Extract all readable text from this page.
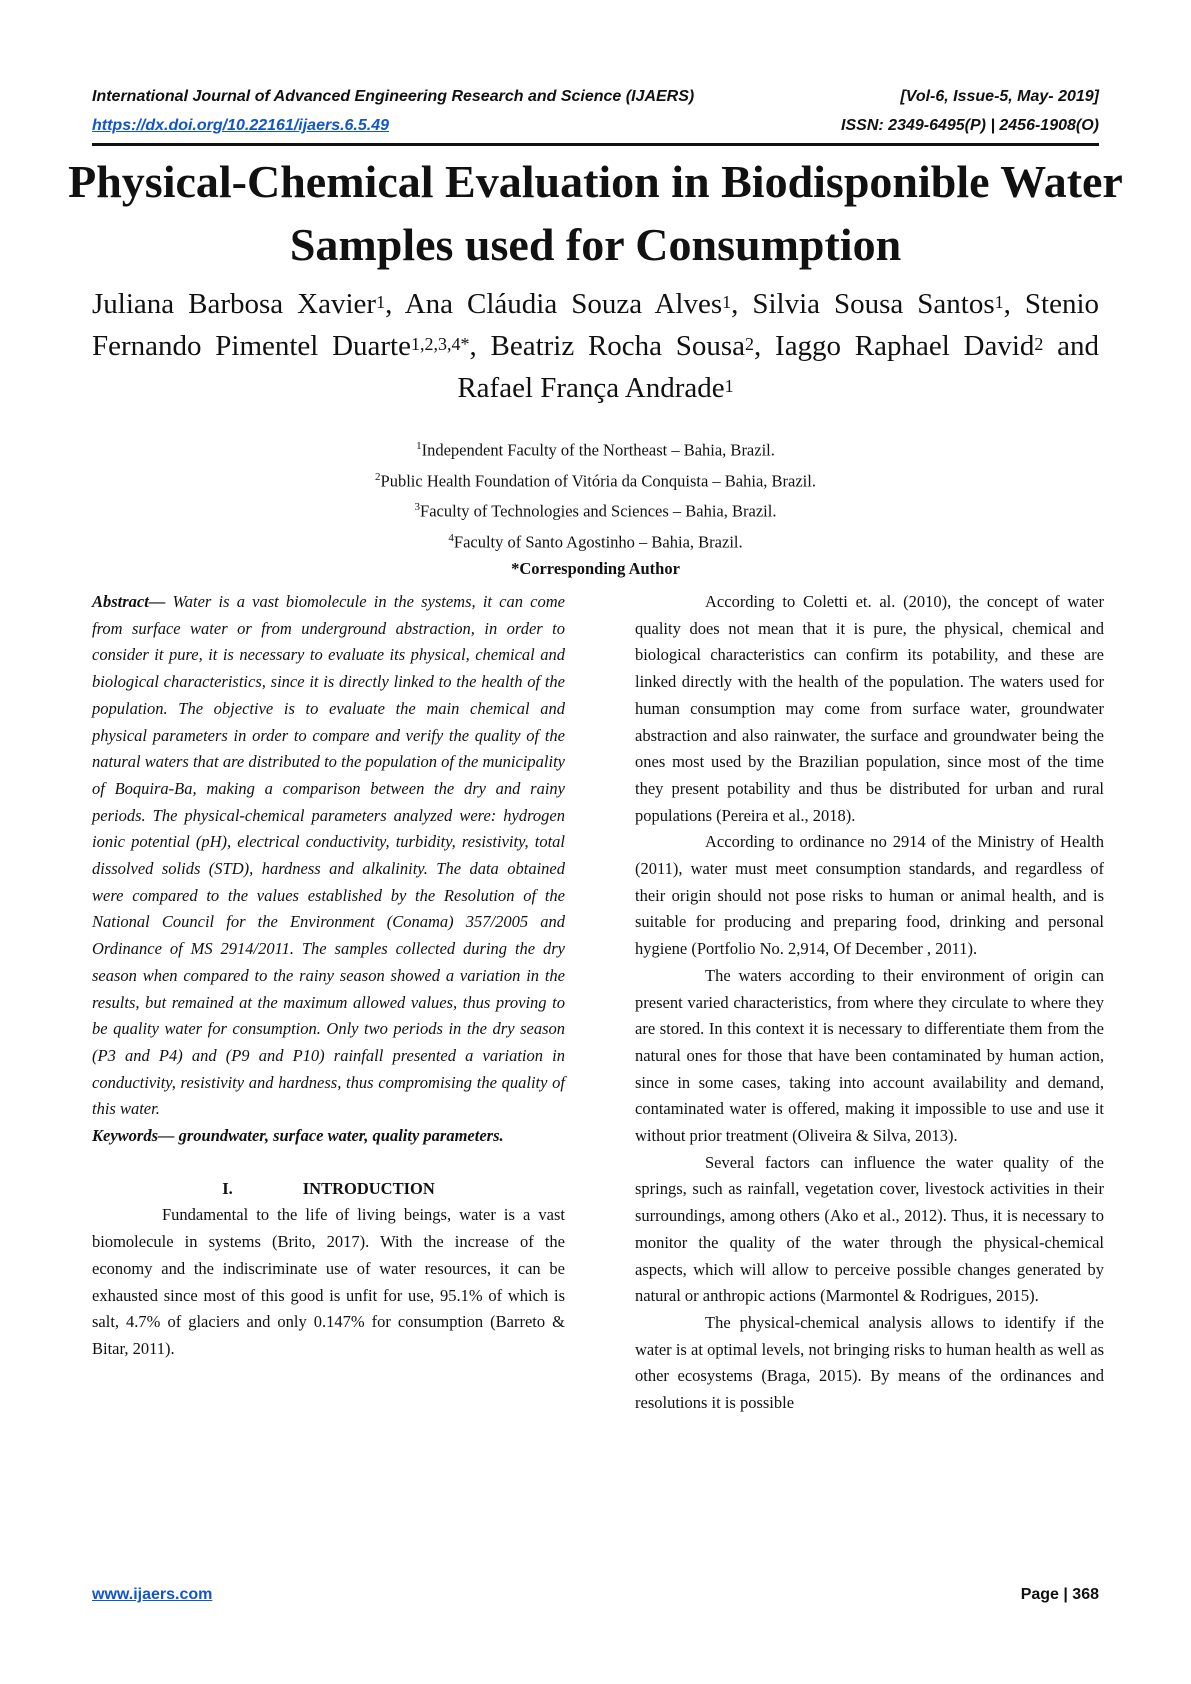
International Journal of Advanced Engineering Research and Science (IJAERS)	[Vol-6, Issue-5, May- 2019]
https://dx.doi.org/10.22161/ijaers.6.5.49	ISSN: 2349-6495(P) | 2456-1908(O)
Physical-Chemical Evaluation in Biodisponible Water Samples used for Consumption
Juliana Barbosa Xavier$^1$, Ana Cláudia Souza Alves$^1$, Silvia Sousa Santos$^1$, Stenio Fernando Pimentel Duarte$^{1,2,3,4*}$, Beatriz Rocha Sousa$^2$, Iaggo Raphael David$^2$ and Rafael França Andrade$^1$
$^1$Independent Faculty of the Northeast – Bahia, Brazil.
$^2$Public Health Foundation of Vitória da Conquista – Bahia, Brazil.
$^3$Faculty of Technologies and Sciences – Bahia, Brazil.
$^4$Faculty of Santo Agostinho – Bahia, Brazil.
*Corresponding Author

Abstract— Water is a vast biomolecule in the systems, it can come from surface water or from underground abstraction, in order to consider it pure, it is necessary to evaluate its physical, chemical and biological characteristics, since it is directly linked to the health of the population. The objective is to evaluate the main chemical and physical parameters in order to compare and verify the quality of the natural waters that are distributed to the population of the municipality of Boquira-Ba, making a comparison between the dry and rainy periods. The physical-chemical parameters analyzed were: hydrogen ionic potential (pH), electrical conductivity, turbidity, resistivity, total dissolved solids (STD), hardness and alkalinity. The data obtained were compared to the values established by the Resolution of the National Council for the Environment (Conama) 357/2005 and Ordinance of MS 2914/2011. The samples collected during the dry season when compared to the rainy season showed a variation in the results, but remained at the maximum allowed values, thus proving to be quality water for consumption. Only two periods in the dry season (P3 and P4) and (P9 and P10) rainfall presented a variation in conductivity, resistivity and hardness, thus compromising the quality of this water.

Keywords— groundwater, surface water, quality parameters.

I.	INTRODUCTION

Fundamental to the life of living beings, water is a vast biomolecule in systems (Brito, 2017). With the increase of the economy and the indiscriminate use of water resources, it can be exhausted since most of this good is unfit for use, 95.1% of which is salt, 4.7% of glaciers and only 0.147% for consumption (Barreto & Bitar, 2011).

According to Coletti et. al. (2010), the concept of water quality does not mean that it is pure, the physical, chemical and biological characteristics can confirm its potability, and these are linked directly with the health of the population. The waters used for human consumption may come from surface water, groundwater abstraction and also rainwater, the surface and groundwater being the ones most used by the Brazilian population, since most of the time they present potability and thus be distributed for urban and rural populations (Pereira et al., 2018).

According to ordinance no 2914 of the Ministry of Health (2011), water must meet consumption standards, and regardless of their origin should not pose risks to human or animal health, and is suitable for producing and preparing food, drinking and personal hygiene (Portfolio No. 2,914, Of December , 2011).

The waters according to their environment of origin can present varied characteristics, from where they circulate to where they are stored. In this context it is necessary to differentiate them from the natural ones for those that have been contaminated by human action, since in some cases, taking into account availability and demand, contaminated water is offered, making it impossible to use and use it without prior treatment (Oliveira & Silva, 2013).

Several factors can influence the water quality of the springs, such as rainfall, vegetation cover, livestock activities in their surroundings, among others (Ako et al., 2012). Thus, it is necessary to monitor the quality of the water through the physical-chemical aspects, which will allow to perceive possible changes generated by natural or anthropic actions (Marmontel & Rodrigues, 2015).

The physical-chemical analysis allows to identify if the water is at optimal levels, not bringing risks to human health as well as other ecosystems (Braga, 2015). By means of the ordinances and resolutions it is possible

www.ijaers.com	Page | 368
